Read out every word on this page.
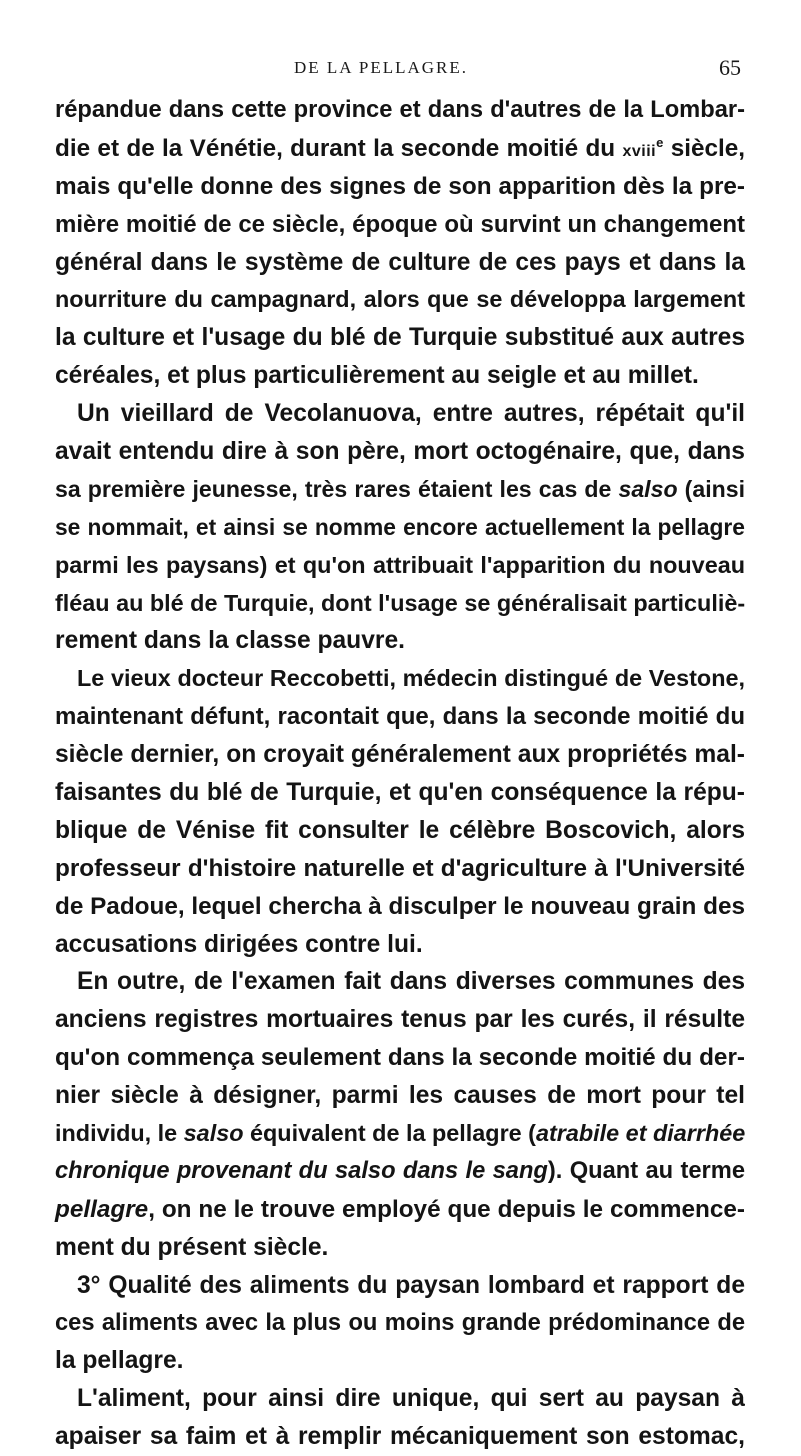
DE LA PELLAGRE.	65
répandue dans cette province et dans d'autres de la Lombar-
die et de la Vénétie, durant la seconde moitié du xviii$^e$ siècle,
mais qu'elle donne des signes de son apparition dès la pre-
mière moitié de ce siècle, époque où survint un changement
général dans le système de culture de ces pays et dans la
nourriture du campagnard, alors que se développa largement
la culture et l'usage du blé de Turquie substitué aux autres
céréales, et plus particulièrement au seigle et au millet.
Un vieillard de Vecolanuova, entre autres, répétait qu'il
avait entendu dire à son père, mort octogénaire, que, dans
sa première jeunesse, très rares étaient les cas de salso (ainsi
se nommait, et ainsi se nomme encore actuellement la pellagre
parmi les paysans) et qu'on attribuait l'apparition du nouveau
fléau au blé de Turquie, dont l'usage se généralisait particuliè-
rement dans la classe pauvre.
Le vieux docteur Reccobetti, médecin distingué de Vestone,
maintenant défunt, racontait que, dans la seconde moitié du
siècle dernier, on croyait généralement aux propriétés mal-
faisantes du blé de Turquie, et qu'en conséquence la répu-
blique de Vénise fit consulter le célèbre Boscovich, alors
professeur d'histoire naturelle et d'agriculture à l'Université
de Padoue, lequel chercha à disculper le nouveau grain des
accusations dirigées contre lui.
En outre, de l'examen fait dans diverses communes des
anciens registres mortuaires tenus par les curés, il résulte
qu'on commença seulement dans la seconde moitié du der-
nier siècle à désigner, parmi les causes de mort pour tel
individu, le salso équivalent de la pellagre (atrabile et diarrhée
chronique provenant du salso dans le sang). Quant au terme
pellagre, on ne le trouve employé que depuis le commence-
ment du présent siècle.
3° Qualité des aliments du paysan lombard et rapport de
ces aliments avec la plus ou moins grande prédominance de
la pellagre.
L'aliment, pour ainsi dire unique, qui sert au paysan à
apaiser sa faim et à remplir mécaniquement son estomac,
